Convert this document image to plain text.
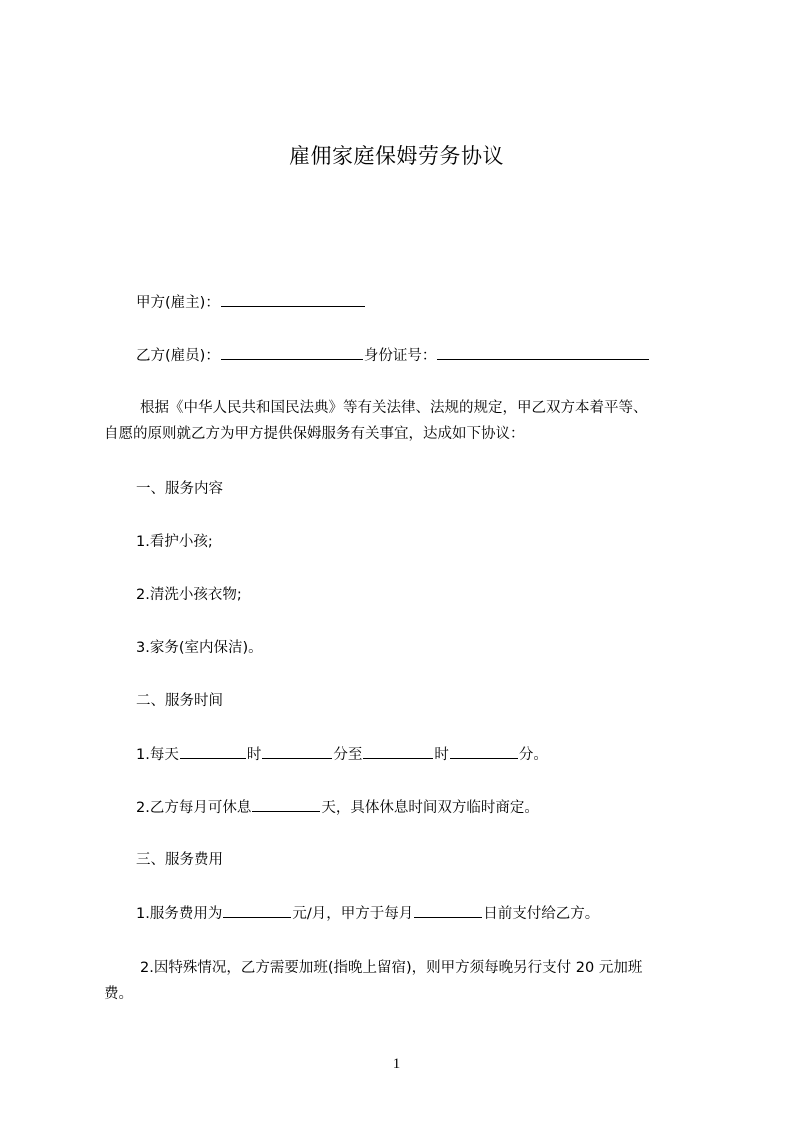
雇佣家庭保姆劳务协议
甲方(雇主)：
乙方(雇员)：	身份证号：
根据《中华人民共和国民法典》等有关法律、法规的规定，甲乙双方本着平等、
自愿的原则就乙方为甲方提供保姆服务有关事宜，达成如下协议：
一、服务内容
1.看护小孩;
2.清洗小孩衣物;
3.家务(室内保洁)。
二、服务时间
1.每天	时	分至	时	分。
2.乙方每月可休息	天，具体休息时间双方临时商定。
三、服务费用
1.服务费用为	元/月，甲方于每月	日前支付给乙方。
2.因特殊情况，乙方需要加班(指晚上留宿)，则甲方须每晚另行支付 20 元加班
费。
1
